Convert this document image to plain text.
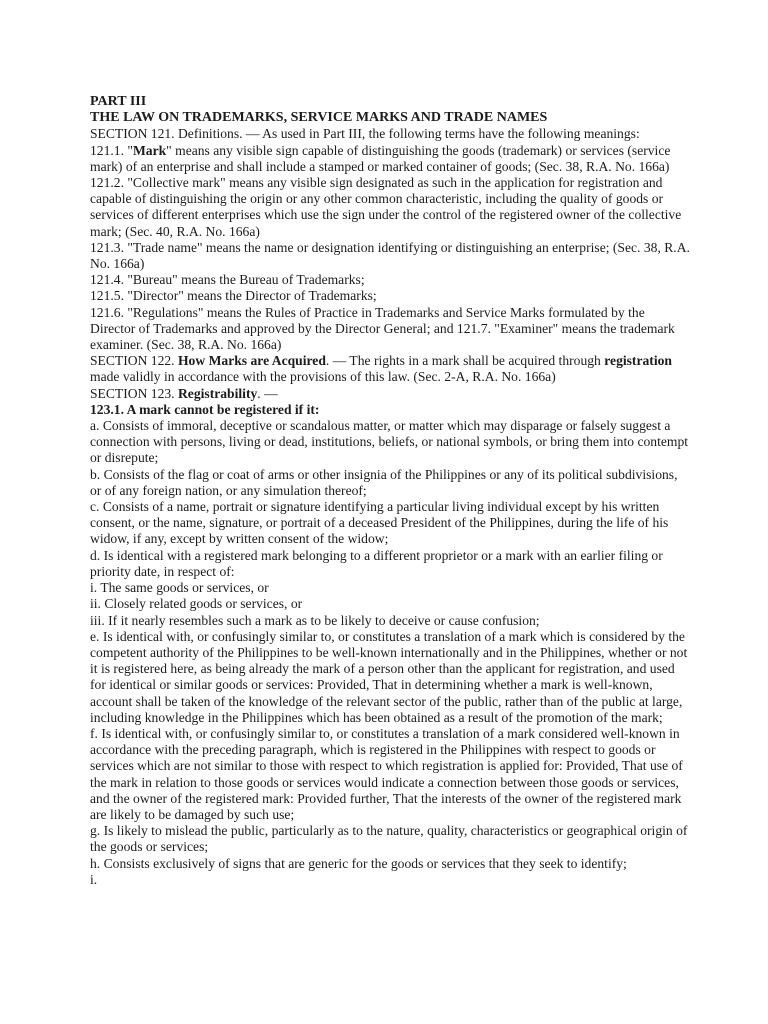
PART III

THE LAW ON TRADEMARKS, SERVICE MARKS AND TRADE NAMES

SECTION 121. Definitions. — As used in Part III, the following terms have the following meanings:

121.1. "Mark" means any visible sign capable of distinguishing the goods (trademark) or services (service mark) of an enterprise and shall include a stamped or marked container of goods; (Sec. 38, R.A. No. 166a)

121.2. "Collective mark" means any visible sign designated as such in the application for registration and capable of distinguishing the origin or any other common characteristic, including the quality of goods or services of different enterprises which use the sign under the control of the registered owner of the collective mark; (Sec. 40, R.A. No. 166a)

121.3. "Trade name" means the name or designation identifying or distinguishing an enterprise; (Sec. 38, R.A. No. 166a)

121.4. "Bureau" means the Bureau of Trademarks;

121.5. "Director" means the Director of Trademarks;

121.6. "Regulations" means the Rules of Practice in Trademarks and Service Marks formulated by the Director of Trademarks and approved by the Director General; and 121.7. "Examiner" means the trademark examiner. (Sec. 38, R.A. No. 166a)

SECTION 122. How Marks are Acquired. — The rights in a mark shall be acquired through registration made validly in accordance with the provisions of this law. (Sec. 2-A, R.A. No. 166a)

SECTION 123. Registrability. —

123.1. A mark cannot be registered if it:

a. Consists of immoral, deceptive or scandalous matter, or matter which may disparage or falsely suggest a connection with persons, living or dead, institutions, beliefs, or national symbols, or bring them into contempt or disrepute;

b. Consists of the flag or coat of arms or other insignia of the Philippines or any of its political subdivisions, or of any foreign nation, or any simulation thereof;

c. Consists of a name, portrait or signature identifying a particular living individual except by his written consent, or the name, signature, or portrait of a deceased President of the Philippines, during the life of his widow, if any, except by written consent of the widow;

d. Is identical with a registered mark belonging to a different proprietor or a mark with an earlier filing or priority date, in respect of:

i. The same goods or services, or

ii. Closely related goods or services, or

iii. If it nearly resembles such a mark as to be likely to deceive or cause confusion;

e. Is identical with, or confusingly similar to, or constitutes a translation of a mark which is considered by the competent authority of the Philippines to be well-known internationally and in the Philippines, whether or not it is registered here, as being already the mark of a person other than the applicant for registration, and used for identical or similar goods or services: Provided, That in determining whether a mark is well-known, account shall be taken of the knowledge of the relevant sector of the public, rather than of the public at large, including knowledge in the Philippines which has been obtained as a result of the promotion of the mark;

f. Is identical with, or confusingly similar to, or constitutes a translation of a mark considered well-known in accordance with the preceding paragraph, which is registered in the Philippines with respect to goods or services which are not similar to those with respect to which registration is applied for: Provided, That use of the mark in relation to those goods or services would indicate a connection between those goods or services, and the owner of the registered mark: Provided further, That the interests of the owner of the registered mark are likely to be damaged by such use;

g. Is likely to mislead the public, particularly as to the nature, quality, characteristics or geographical origin of the goods or services;

h. Consists exclusively of signs that are generic for the goods or services that they seek to identify;

i.
